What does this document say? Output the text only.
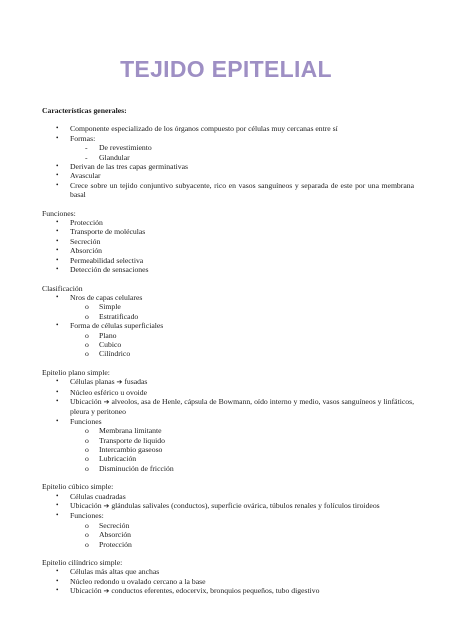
TEJIDO EPITELIAL
Características generales:
• Componente especializado de los órganos compuesto por células muy cercanas entre sí
• Formas:
- De revestimiento
- Glandular
• Derivan de las tres capas germinativas
• Avascular
• Crece sobre un tejido conjuntivo subyacente, rico en vasos sanguíneos y separada de este por una membrana basal
Funciones:
• Protección
• Transporte de moléculas
• Secreción
• Absorción
• Permeabilidad selectiva
• Detección de sensaciones
Clasificación
• Nros de capas celulares
o Simple
o Estratificado
• Forma de células superficiales
o Plano
o Cubico
o Cilíndrico
Epitelio plano simple:
• Células planas ➔ fusadas
• Núcleo esférico u ovoide
• Ubicación ➔ alveolos, asa de Henle, cápsula de Bowmann, oído interno y medio, vasos sanguíneos y linfáticos, pleura y peritoneo
• Funciones
o Membrana limitante
o Transporte de liquido
o Intercambio gaseoso
o Lubricación
o Disminución de fricción
Epitelio cúbico simple:
• Células cuadradas
• Ubicación ➔ glándulas salivales (conductos), superficie ovárica, túbulos renales y folículos tiroideos
• Funciones:
o Secreción
o Absorción
o Protección
Epitelio cilíndrico simple:
• Células más altas que anchas
• Núcleo redondo u ovalado cercano a la base
• Ubicación ➔ conductos eferentes, edocervix, bronquios pequeños, tubo digestivo
